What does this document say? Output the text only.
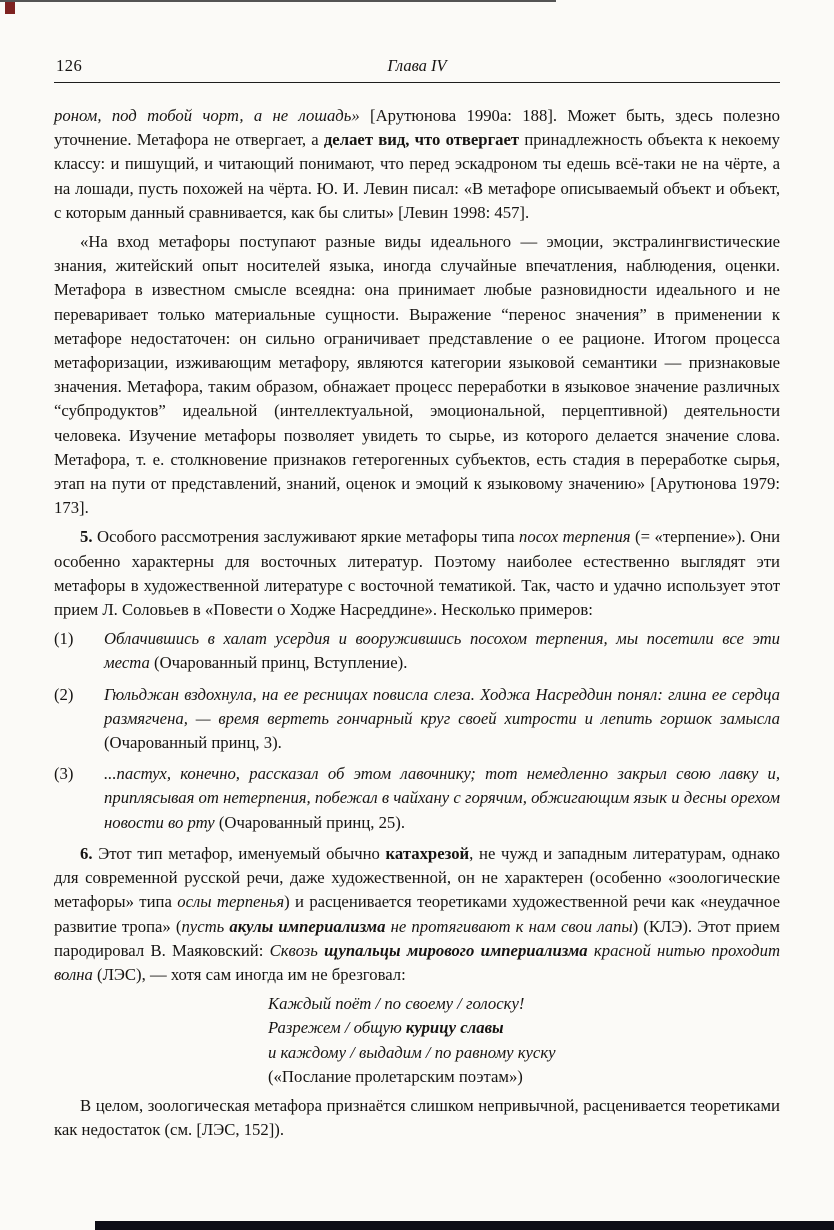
126	Глава IV

роном, под тобой чорт, а не лошадь» [Арутюнова 1990а: 188]. Может быть, здесь полезно уточнение. Метафора не отвергает, а делает вид, что отвергает принадлежность объекта к некоему классу: и пишущий, и читающий понимают, что перед эскадроном ты едешь всё-таки не на чёрте, а на лошади, пусть похожей на чёрта. Ю. И. Левин писал: «В метафоре описываемый объект и объект, с которым данный сравнивается, как бы слиты» [Левин 1998: 457].

«На вход метафоры поступают разные виды идеального — эмоции, экстралингвистические знания, житейский опыт носителей языка, иногда случайные впечатления, наблюдения, оценки. Метафора в известном смысле всеядна: она принимает любые разновидности идеального и не переваривает только материальные сущности. Выражение “перенос значения” в применении к метафоре недостаточен: он сильно ограничивает представление о ее рационе. Итогом процесса метафоризации, изживающим метафору, являются категории языковой семантики — признаковые значения. Метафора, таким образом, обнажает процесс переработки в языковое значение различных “субпродуктов” идеальной (интеллектуальной, эмоциональной, перцептивной) деятельности человека. Изучение метафоры позволяет увидеть то сырье, из которого делается значение слова. Метафора, т. е. столкновение признаков гетерогенных субъектов, есть стадия в переработке сырья, этап на пути от представлений, знаний, оценок и эмоций к языковому значению» [Арутюнова 1979: 173].

5. Особого рассмотрения заслуживают яркие метафоры типа посох терпения (= «терпение»). Они особенно характерны для восточных литератур. Поэтому наиболее естественно выглядят эти метафоры в художественной литературе с восточной тематикой. Так, часто и удачно использует этот прием Л. Соловьев в «Повести о Ходже Насреддине». Несколько примеров:

(1) Облачившись в халат усердия и вооружившись посохом терпения, мы посетили все эти места (Очарованный принц, Вступление).
(2) Гюльджан вздохнула, на ее ресницах повисла слеза. Ходжа Насреддин понял: глина ее сердца размягчена, — время вертеть гончарный круг своей хитрости и лепить горшок замысла (Очарованный принц, 3).
(3) ...пастух, конечно, рассказал об этом лавочнику; тот немедленно закрыл свою лавку и, приплясывая от нетерпения, побежал в чайхану с горячим, обжигающим язык и десны орехом новости во рту (Очарованный принц, 25).

6. Этот тип метафор, именуемый обычно катахрезой, не чужд и западным литературам, однако для современной русской речи, даже художественной, он не характерен (особенно «зоологические метафоры» типа ослы терпенья) и расценивается теоретиками художественной речи как «неудачное развитие тропа» (пусть акулы империализма не протягивают к нам свои лапы) (КЛЭ). Этот прием пародировал В. Маяковский: Сквозь щупальцы мирового империализма красной нитью проходит волна (ЛЭС), — хотя сам иногда им не брезговал:

Каждый поёт / по своему / голоску!
Разрежем / общую курицу славы
и каждому / выдадим / по равному куску
(«Послание пролетарским поэтам»)

В целом, зоологическая метафора признаётся слишком непривычной, расценивается теоретиками как недостаток (см. [ЛЭС, 152]).
